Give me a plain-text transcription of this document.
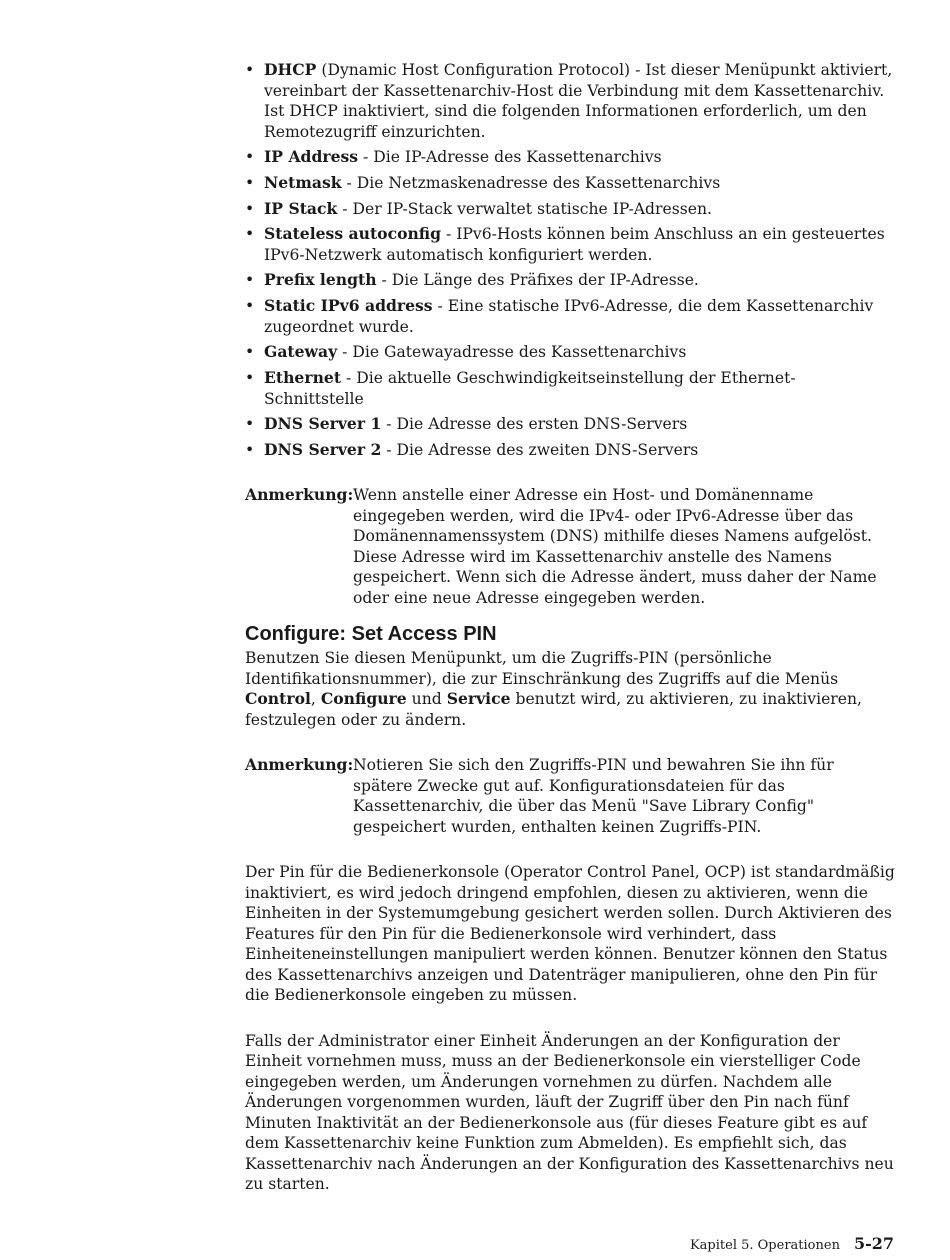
• DHCP (Dynamic Host Configuration Protocol) - Ist dieser Menüpunkt aktiviert, vereinbart der Kassettenarchiv-Host die Verbindung mit dem Kassettenarchiv. Ist DHCP inaktiviert, sind die folgenden Informationen erforderlich, um den Remotezugriff einzurichten.
• IP Address - Die IP-Adresse des Kassettenarchivs
• Netmask - Die Netzmaskenadresse des Kassettenarchivs
• IP Stack - Der IP-Stack verwaltet statische IP-Adressen.
• Stateless autoconfig - IPv6-Hosts können beim Anschluss an ein gesteuertes IPv6-Netzwerk automatisch konfiguriert werden.
• Prefix length - Die Länge des Präfixes der IP-Adresse.
• Static IPv6 address - Eine statische IPv6-Adresse, die dem Kassettenarchiv zugeordnet wurde.
• Gateway - Die Gatewayadresse des Kassettenarchivs
• Ethernet - Die aktuelle Geschwindigkeitseinstellung der Ethernet-Schnittstelle
• DNS Server 1 - Die Adresse des ersten DNS-Servers
• DNS Server 2 - Die Adresse des zweiten DNS-Servers
Anmerkung: Wenn anstelle einer Adresse ein Host- und Domänenname eingegeben werden, wird die IPv4- oder IPv6-Adresse über das Domänennamenssystem (DNS) mithilfe dieses Namens aufgelöst. Diese Adresse wird im Kassettenarchiv anstelle des Namens gespeichert. Wenn sich die Adresse ändert, muss daher der Name oder eine neue Adresse eingegeben werden.
Configure: Set Access PIN

Benutzen Sie diesen Menüpunkt, um die Zugriffs-PIN (persönliche Identifikationsnummer), die zur Einschränkung des Zugriffs auf die Menüs Control, Configure und Service benutzt wird, zu aktivieren, zu inaktivieren, festzulegen oder zu ändern.

Anmerkung: Notieren Sie sich den Zugriffs-PIN und bewahren Sie ihn für spätere Zwecke gut auf. Konfigurationsdateien für das Kassettenarchiv, die über das Menü "Save Library Config" gespeichert wurden, enthalten keinen Zugriffs-PIN.

Der Pin für die Bedienerkonsole (Operator Control Panel, OCP) ist standardmäßig inaktiviert, es wird jedoch dringend empfohlen, diesen zu aktivieren, wenn die Einheiten in der Systemumgebung gesichert werden sollen. Durch Aktivieren des Features für den Pin für die Bedienerkonsole wird verhindert, dass Einheiteneinstellungen manipuliert werden können. Benutzer können den Status des Kassettenarchivs anzeigen und Datenträger manipulieren, ohne den Pin für die Bedienerkonsole eingeben zu müssen.

Falls der Administrator einer Einheit Änderungen an der Konfiguration der Einheit vornehmen muss, muss an der Bedienerkonsole ein vierstelliger Code eingegeben werden, um Änderungen vornehmen zu dürfen. Nachdem alle Änderungen vorgenommen wurden, läuft der Zugriff über den Pin nach fünf Minuten Inaktivität an der Bedienerkonsole aus (für dieses Feature gibt es auf dem Kassettenarchiv keine Funktion zum Abmelden). Es empfiehlt sich, das Kassettenarchiv nach Änderungen an der Konfiguration des Kassettenarchivs neu zu starten.

Kapitel 5. Operationen 5-27
